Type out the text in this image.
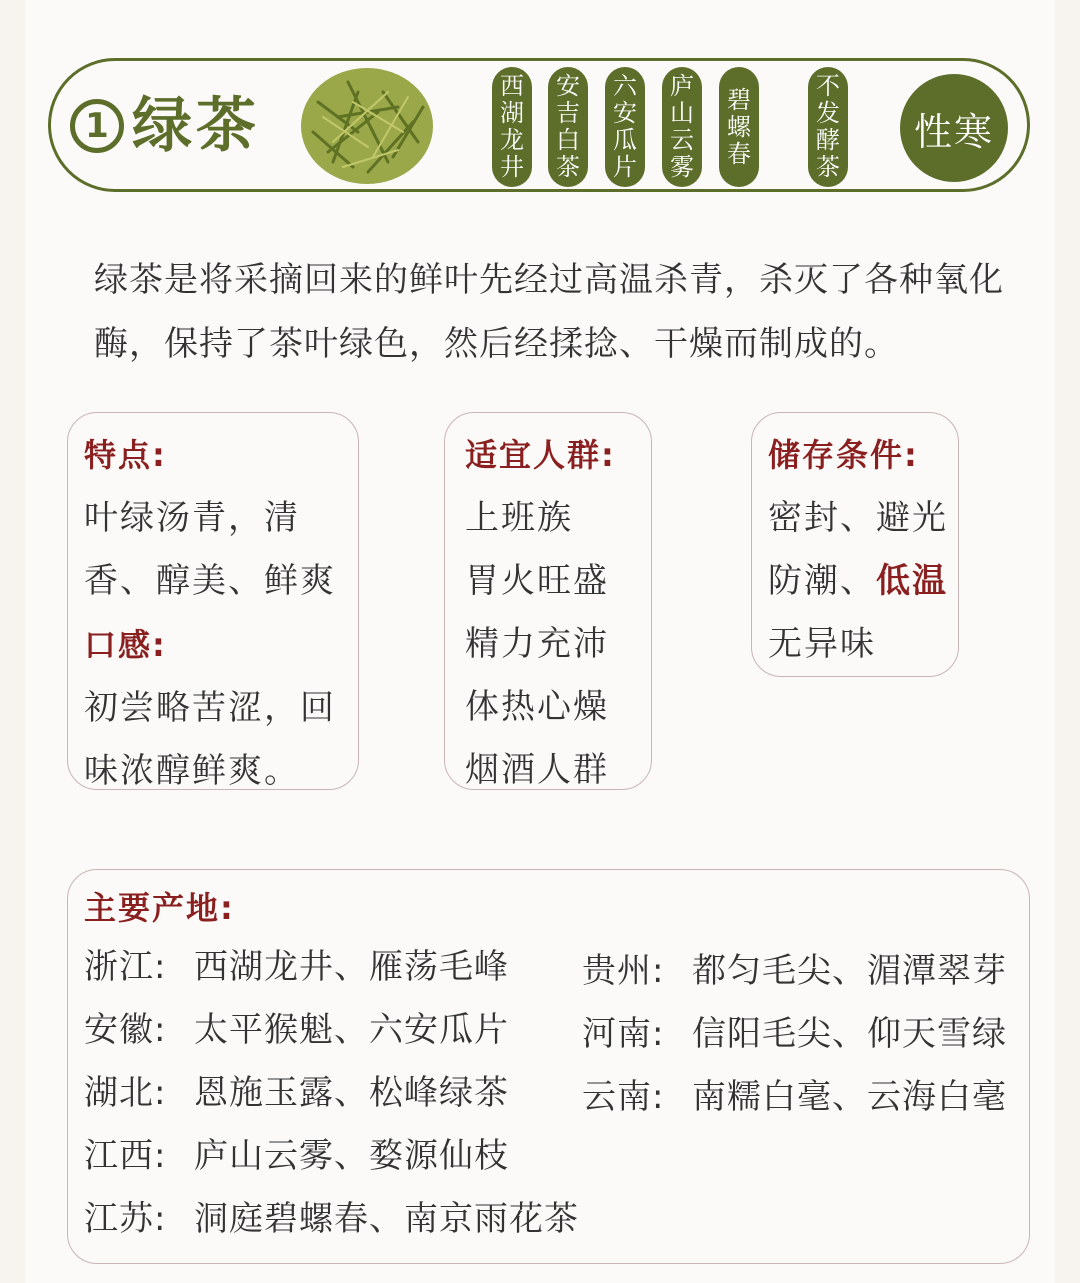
1 绿茶
西
湖
龙
井
安
吉
白
茶
六
安
瓜
片
庐
山
云
雾
碧
螺
春
不
发
酵
茶
性寒
绿茶是将采摘回来的鲜叶先经过高温杀青，杀灭了各种氧化酶，保持了茶叶绿色，然后经揉捻、干燥而制成的。
特点:
叶绿汤青，清
香、醇美、鲜爽
口感:
初尝略苦涩，回
味浓醇鲜爽。
适宜人群:
上班族
胃火旺盛
精力充沛
体热心燥
烟酒人群
储存条件:
密封、避光
防潮、低温
无异味
主要产地:
浙江: 西湖龙井、雁荡毛峰
安徽: 太平猴魁、六安瓜片
湖北: 恩施玉露、松峰绿茶
江西: 庐山云雾、婺源仙枝
江苏: 洞庭碧螺春、南京雨花茶
贵州: 都匀毛尖、湄潭翠芽
河南: 信阳毛尖、仰天雪绿
云南: 南糯白毫、云海白毫
